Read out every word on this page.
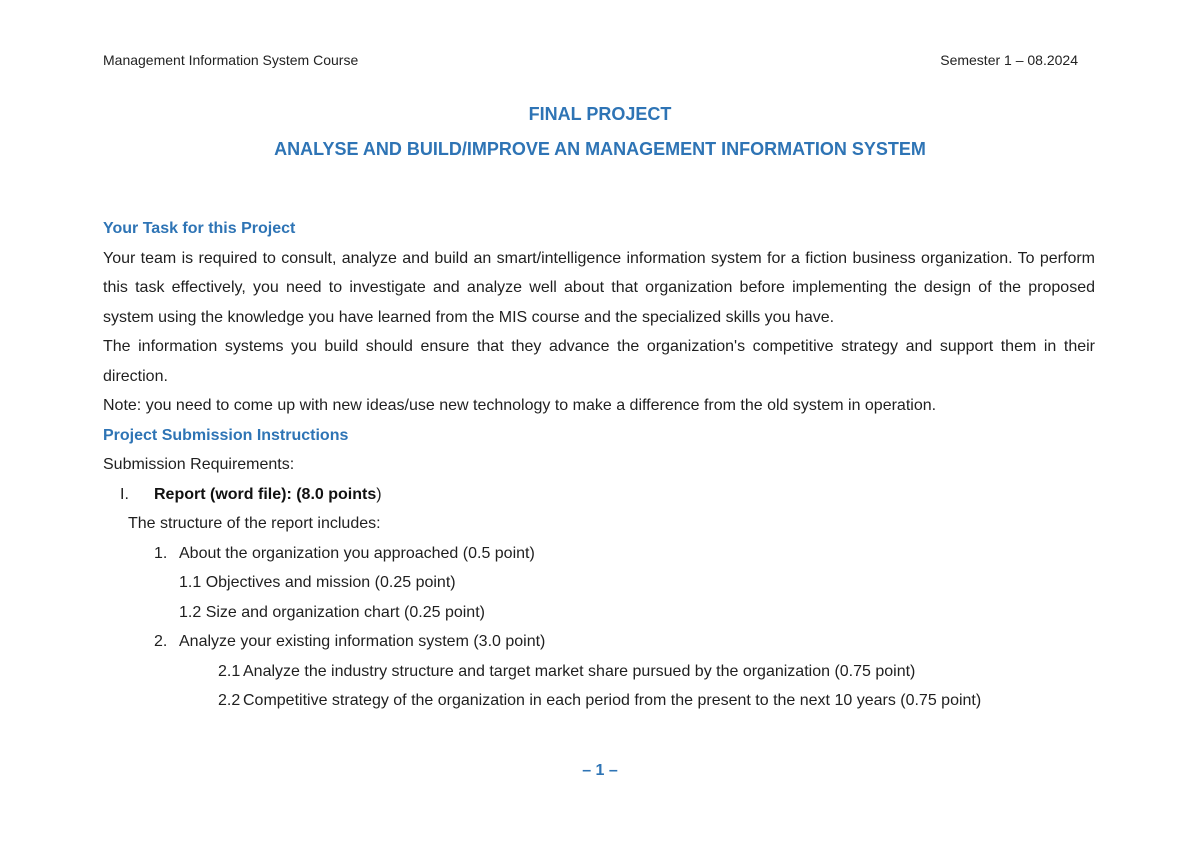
Management Information System Course	Semester 1 – 08.2024
FINAL PROJECT
ANALYSE AND BUILD/IMPROVE AN MANAGEMENT INFORMATION SYSTEM
Your Task for this Project
Your team is required to consult, analyze and build an smart/intelligence information system for a fiction business organization. To perform this task effectively, you need to investigate and analyze well about that organization before implementing the design of the proposed system using the knowledge you have learned from the MIS course and the specialized skills you have.
The information systems you build should ensure that they advance the organization's competitive strategy and support them in their direction.
Note: you need to come up with new ideas/use new technology to make a difference from the old system in operation.
Project Submission Instructions
Submission Requirements:
I. Report (word file): (8.0 points)
The structure of the report includes:
1. About the organization you approached (0.5 point)
1.1 Objectives and mission (0.25 point)
1.2 Size and organization chart (0.25 point)
2. Analyze your existing information system (3.0 point)
2.1 Analyze the industry structure and target market share pursued by the organization (0.75 point)
2.2 Competitive strategy of the organization in each period from the present to the next 10 years (0.75 point)
– 1 –
